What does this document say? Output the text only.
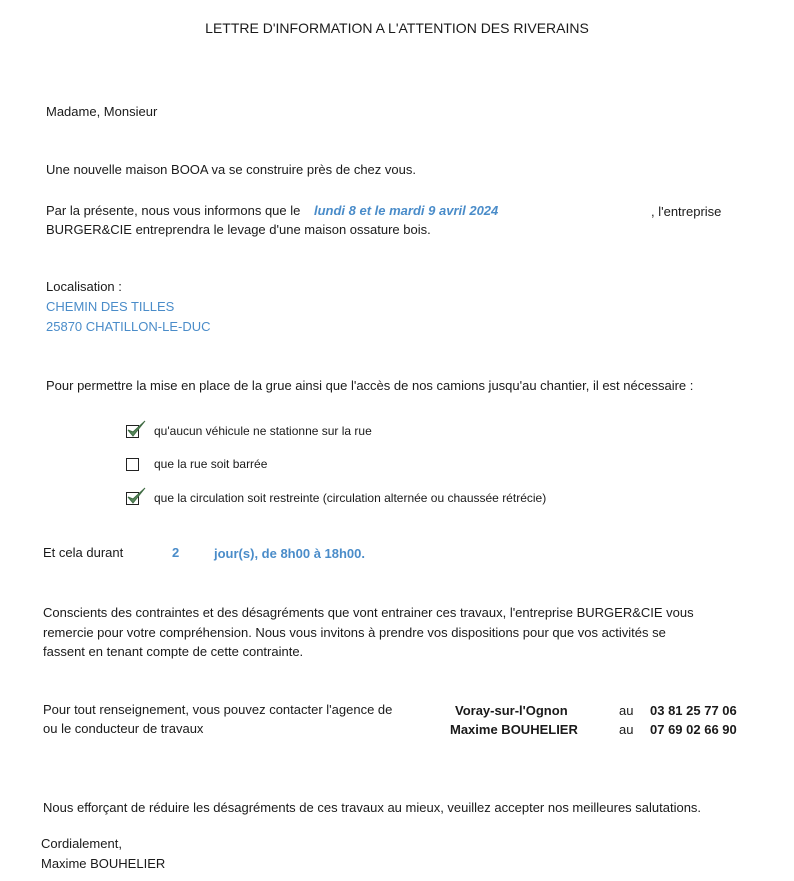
LETTRE D'INFORMATION A L'ATTENTION DES RIVERAINS
Madame, Monsieur
Une nouvelle maison BOOA va se construire près de chez vous.
Par la présente, nous vous informons que le lundi 8 et le mardi 9 avril 2024	, l'entreprise
BURGER&CIE entreprendra le levage d'une maison ossature bois.
Localisation :
CHEMIN DES TILLES
25870 CHATILLON-LE-DUC
Pour permettre la mise en place de la grue ainsi que l'accès de nos camions jusqu'au chantier, il est nécessaire :
qu'aucun véhicule ne stationne sur la rue
que la rue soit barrée
que la circulation soit restreinte (circulation alternée ou chaussée rétrécie)
Et cela durant	2	jour(s), de 8h00 à 18h00.
Conscients des contraintes et des désagréments que vont entrainer ces travaux, l'entreprise BURGER&CIE vous
remercie pour votre compréhension. Nous vous invitons à prendre vos dispositions pour que vos activités se
fassent en tenant compte de cette contrainte.
Pour tout renseignement, vous pouvez contacter l'agence de
ou le conducteur de travaux
Voray-sur-l'Ognon	au 03 81 25 77 06
Maxime BOUHELIER	au 07 69 02 66 90
Nous efforçant de réduire les désagréments de ces travaux au mieux, veuillez accepter nos meilleures salutations.
Cordialement,
Maxime BOUHELIER
